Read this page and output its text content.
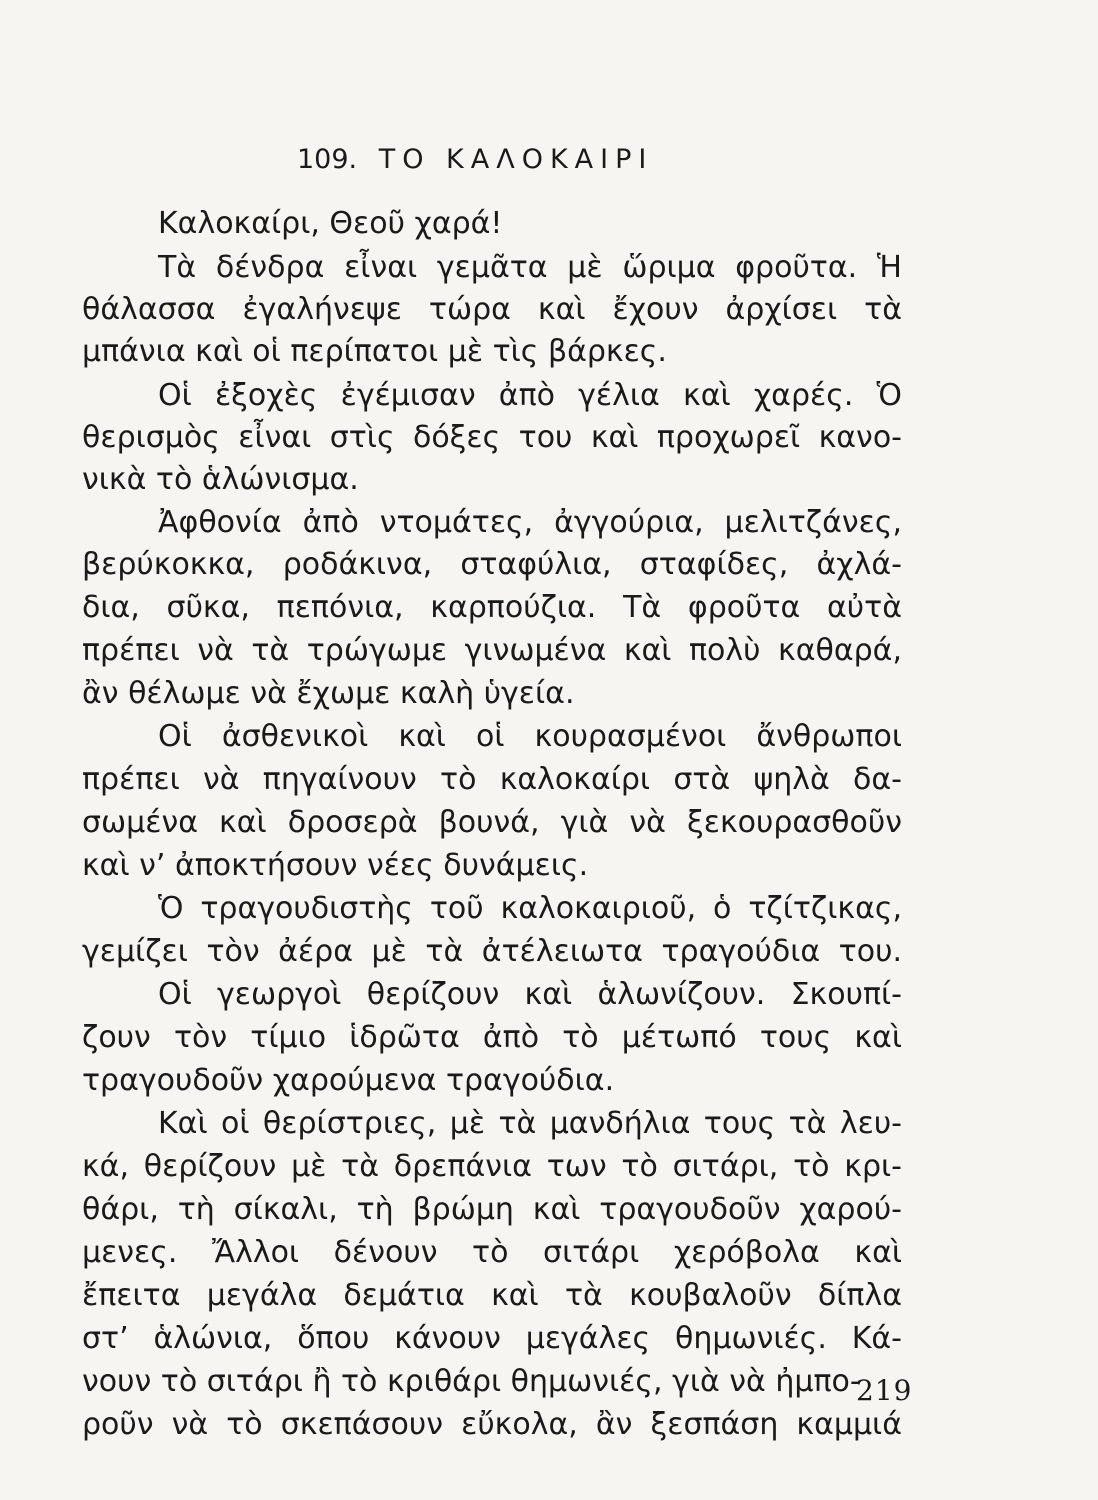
109. ΤΟ ΚΑΛΟΚΑΙΡΙ
Καλοκαίρι, Θεοῦ χαρά!
Τὰ δένδρα εἶναι γεμᾶτα μὲ ὥριμα φροῦτα. Ἡ
θάλασσα ἐγαλήνεψε τώρα καὶ ἔχουν ἀρχίσει τὰ
μπάνια καὶ οἱ περίπατοι μὲ τὶς βάρκες.
Οἱ ἐξοχὲς ἐγέμισαν ἀπὸ γέλια καὶ χαρές. Ὁ
θερισμὸς εἶναι στὶς δόξες του καὶ προχωρεῖ κανο-
νικὰ τὸ ἁλώνισμα.
Ἀφθονία ἀπὸ ντομάτες, ἀγγούρια, μελιτζάνες,
βερύκοκκα, ροδάκινα, σταφύλια, σταφίδες, ἀχλά-
δια, σῦκα, πεπόνια, καρπούζια. Τὰ φροῦτα αὐτὰ
πρέπει νὰ τὰ τρώγωμε γινωμένα καὶ πολὺ καθαρά,
ἂν θέλωμε νὰ ἔχωμε καλὴ ὑγεία.
Οἱ ἀσθενικοὶ καὶ οἱ κουρασμένοι ἄνθρωποι
πρέπει νὰ πηγαίνουν τὸ καλοκαίρι στὰ ψηλὰ δα-
σωμένα καὶ δροσερὰ βουνά, γιὰ νὰ ξεκουρασθοῦν
καὶ ν’ ἀποκτήσουν νέες δυνάμεις.
Ὁ τραγουδιστὴς τοῦ καλοκαιριοῦ, ὁ τζίτζικας,
γεμίζει τὸν ἀέρα μὲ τὰ ἀτέλειωτα τραγούδια του.
Οἱ γεωργοὶ θερίζουν καὶ ἁλωνίζουν. Σκουπί-
ζουν τὸν τίμιο ἱδρῶτα ἀπὸ τὸ μέτωπό τους καὶ
τραγουδοῦν χαρούμενα τραγούδια.
Καὶ οἱ θερίστριες, μὲ τὰ μανδήλια τους τὰ λευ-
κά, θερίζουν μὲ τὰ δρεπάνια των τὸ σιτάρι, τὸ κρι-
θάρι, τὴ σίκαλι, τὴ βρώμη καὶ τραγουδοῦν χαρού-
μενες. Ἄλλοι δένουν τὸ σιτάρι χερόβολα καὶ
ἔπειτα μεγάλα δεμάτια καὶ τὰ κουβαλοῦν δίπλα
στ’ ἁλώνια, ὅπου κάνουν μεγάλες θημωνιές. Κά-
νουν τὸ σιτάρι ἢ τὸ κριθάρι θημωνιές, γιὰ νὰ ἠμπο-
ροῦν νὰ τὸ σκεπάσουν εὔκολα, ἂν ξεσπάση καμμιά
219
